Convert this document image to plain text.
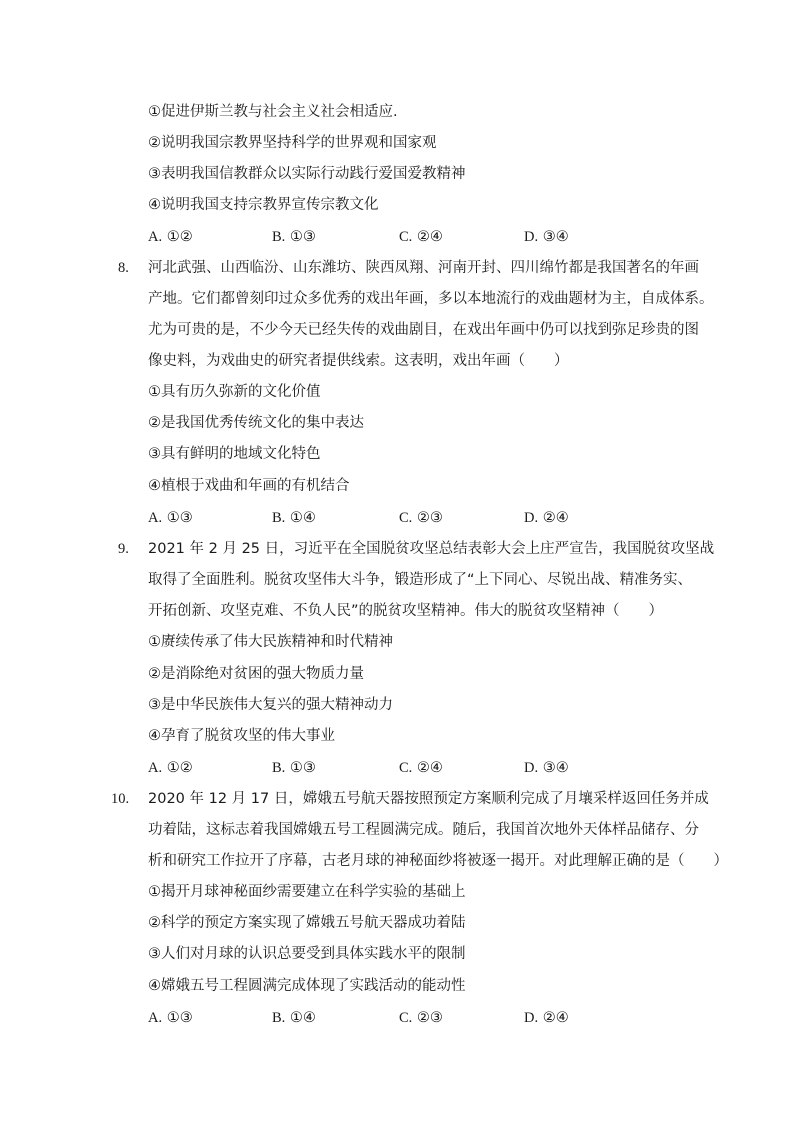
①促进伊斯兰教与社会主义社会相适应.
②说明我国宗教界坚持科学的世界观和国家观
③表明我国信教群众以实际行动践行爱国爱教精神
④说明我国支持宗教界宣传宗教文化
A. ①②	B. ①③	C. ②④	D. ③④
8. 河北武强、山西临汾、山东潍坊、陕西凤翔、河南开封、四川绵竹都是我国著名的年画
产地。它们都曾刻印过众多优秀的戏出年画，多以本地流行的戏曲题材为主，自成体系。
尤为可贵的是，不少今天已经失传的戏曲剧目，在戏出年画中仍可以找到弥足珍贵的图
像史料，为戏曲史的研究者提供线索。这表明，戏出年画（　　）
①具有历久弥新的文化价值
②是我国优秀传统文化的集中表达
③具有鲜明的地域文化特色
④植根于戏曲和年画的有机结合
A. ①③	B. ①④	C. ②③	D. ②④
9. 2021 年 2 月 25 日，习近平在全国脱贫攻坚总结表彰大会上庄严宣告，我国脱贫攻坚战
取得了全面胜利。脱贫攻坚伟大斗争，锻造形成了“上下同心、尽锐出战、精准务实、
开拓创新、攻坚克难、不负人民”的脱贫攻坚精神。伟大的脱贫攻坚精神（　　）
①赓续传承了伟大民族精神和时代精神
②是消除绝对贫困的强大物质力量
③是中华民族伟大复兴的强大精神动力
④孕育了脱贫攻坚的伟大事业
A. ①②	B. ①③	C. ②④	D. ③④
10. 2020 年 12 月 17 日，嫦娥五号航天器按照预定方案顺利完成了月壤采样返回任务并成
功着陆，这标志着我国嫦娥五号工程圆满完成。随后，我国首次地外天体样品储存、分
析和研究工作拉开了序幕，古老月球的神秘面纱将被逐一揭开。对此理解正确的是（　　）
①揭开月球神秘面纱需要建立在科学实验的基础上
②科学的预定方案实现了嫦娥五号航天器成功着陆
③人们对月球的认识总要受到具体实践水平的限制
④嫦娥五号工程圆满完成体现了实践活动的能动性
A. ①③	B. ①④	C. ②③	D. ②④
